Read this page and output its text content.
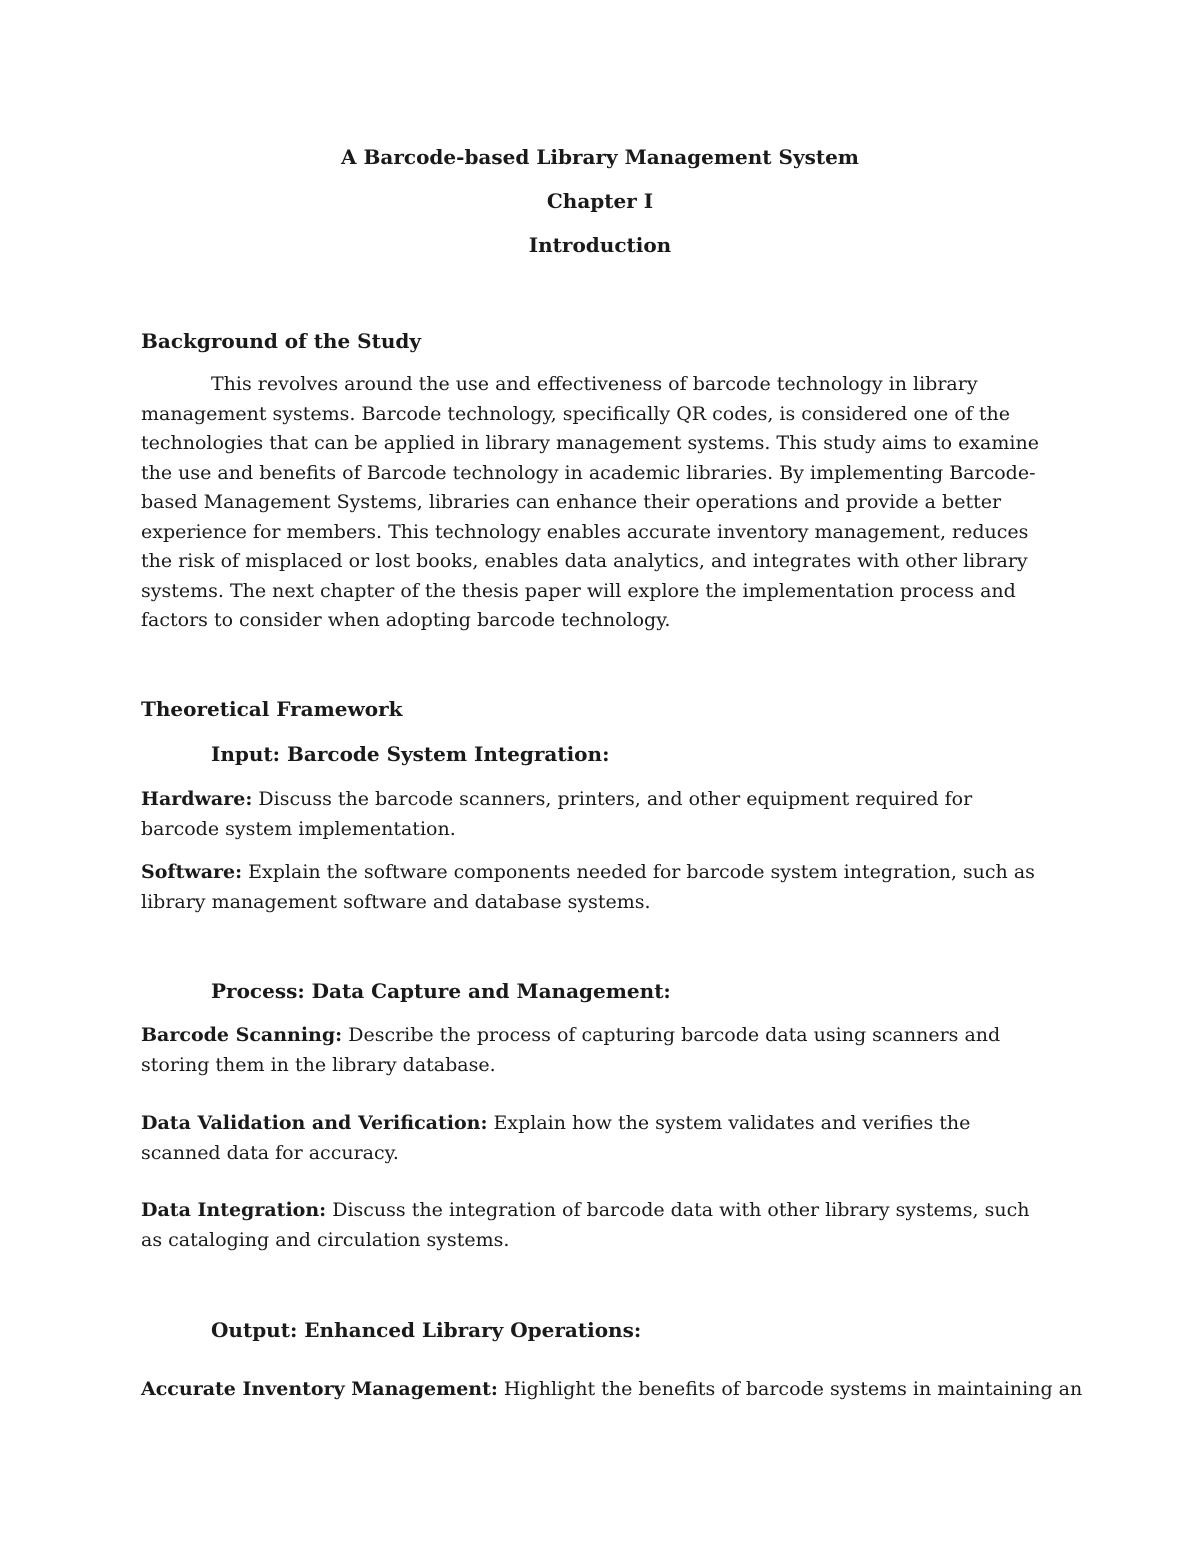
A Barcode-based Library Management System
Chapter I
Introduction
Background of the Study

This revolves around the use and effectiveness of barcode technology in library management systems. Barcode technology, specifically QR codes, is considered one of the technologies that can be applied in library management systems. This study aims to examine the use and benefits of Barcode technology in academic libraries. By implementing Barcode-based Management Systems, libraries can enhance their operations and provide a better experience for members. This technology enables accurate inventory management, reduces the risk of misplaced or lost books, enables data analytics, and integrates with other library systems. The next chapter of the thesis paper will explore the implementation process and factors to consider when adopting barcode technology.

Theoretical Framework
Input: Barcode System Integration:

Hardware: Discuss the barcode scanners, printers, and other equipment required for barcode system implementation.

Software: Explain the software components needed for barcode system integration, such as library management software and database systems.

Process: Data Capture and Management:

Barcode Scanning: Describe the process of capturing barcode data using scanners and storing them in the library database.

Data Validation and Verification: Explain how the system validates and verifies the scanned data for accuracy.

Data Integration: Discuss the integration of barcode data with other library systems, such as cataloging and circulation systems.

Output: Enhanced Library Operations:

Accurate Inventory Management: Highlight the benefits of barcode systems in maintaining an
